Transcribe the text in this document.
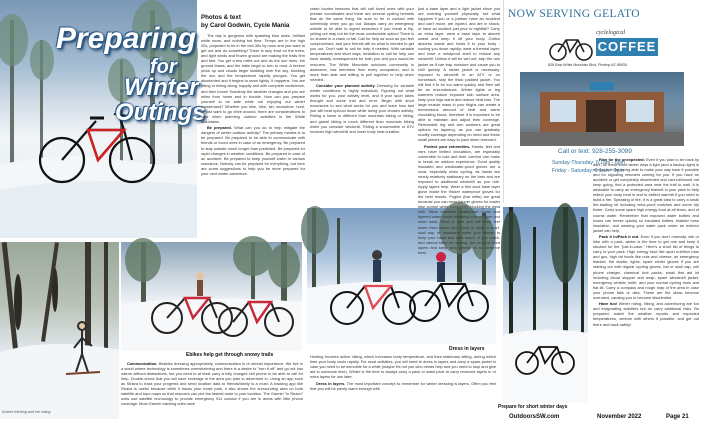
Preparing
for
Winter
Outings
Kristen Kitching and her skiing
Ebikes help get through snowy trails
Dress in layers
Prepare for short winter days
Photos & text
by Carol Godwin, Cycle Mania

The day is gorgeous with sparkling blue skies, brilliant white snow, and nothing but time. Temps are in the high 20s, projected to be in the mid-30s by noon and you want to get out and do something! There is lacy frost on the trees, and light winds and frozen ground are making the trails firm and fast. You get a few miles out and as the sun rises, the ground thaws, and the trails begin to turn to mud. A breeze picks up and clouds begin skidding over the sky, blocking the sun and the temperature rapidly plunges. You get disoriented and it begins to snow lightly. It happens. You are riding or hiking along, happily and with complete confidence, and then boom! Suddenly the weather changes and you are miles from home and in trouble. How can you prepare yourself to be safe while out enjoying our winter wonderland? Whether you bike, hike, ski, snowshoe, hunt, or just want to go drive around, there are considerations to take when planning outdoor activities in the White Mountains.

Be prepared. What can you do to help mitigate the dangers of winter outdoor activity? The primary mantra is to be prepared. Be prepared to be able to communicate with friends or loved ones in case of an emergency. Be prepared to stay outside much longer than predicted. Be prepared for rapid changes in weather conditions. Be prepared in case of an accident. Be prepared to keep yourself warm in various scenarios. Nobody can be prepared for everything, but here are some suggestions to help you be more prepared for your next winter adventure.

Communication. Besides dressing appropriately, communication is of utmost importance. We live in a world where technology is sometimes overwhelming and there is a desire to "turn it off" and go out into nature without distractions, but you need to at least carry a fully charged cell phone to be able to call for help. Double-check that you will have coverage in the area you plan to adventure in. Using an app such as Strava to track your progress and send location data to friends/family is a must. A tracking app like Strava is useful because while it tracks your exact path, it also shows the surrounding area on both satellite and topo maps so that rescuers can plot the fastest route to your location. The Garmin "In Reach" units use satellite technology to provide emergency 911 contact if you are in areas with little phone coverage. Most Garmin tracking units have

crash locator beacons that will call loved ones with your precise coordinates and there are several cycling helmets that do the same thing. Be sure to be in contact with somebody when you go out. Always carry an emergency whistle to be able to signal searchers if you break a flip, yelling out may not be the most comfortable option! There is no shame in a crash or fall. Call for help as soon as you feel compromised, and your friends will do what is needed to get you out. Don't wait to call for help if needed. With variable temperatures and short days, hesitation to call for help can have deadly consequences for both you and your would-be rescuers. The White Mountain outdoors community is awesome, has members from every occupation, and is more than able and willing to pull together to help when needed.

Consider your planned activity. Dressing for variable winter conditions is highly individual. Figuring out what works for you, your activity level, and if your sport takes thought and some trial and error. Begin with short excursions to see what works for you and learn how fast you will heat up/cool down while doing your chosen activity. Riding a horse is different than mountain biking or hiking, and gravel biking is much different than mountain biking when you consider windchill. Riding a snowmobile or ATV involves high windchill and lower body heat creation.

Hunting involves active hiking, which increases body temperature, and then stationary sitting, during which time your body cools rapidly. For most activities, you will need to dress in layers and carry a spare jacket in case you need to be immobile for a while (maybe it's not you who needs help and you need to stop and give aid to someone else). Winter is the time to always carry a pack or waist pack to carry removed layers in or extra layers for use later.

Dress in layers. The most important concept to remember for winter dressing is layers. Often you feel that you will be plenty warm enough with

just a base layer and a light jacket since you are exerting yourself physically, but what happens if you or a partner have an accident and can't move, are injured, and are in shock, or have an incident just prior to nightfall? Carry an extra layer, wear a base layer to absorb sweat and keep it off your body. Cotton absorbs sweat and holds it to your body - cooling you down rapidly; wear a thermal layer; and have a windproof shell to reduce any windchill. Unless it will be wet out, skip the rain jacket as it can trap moisture and cause you to chill quickly. A winter jacket is necessary, exposed to windchill in an ATV or on horseback, skip the thick padded jacket. You will find it to be too warm quickly and then will be an encumbrance. Winter tights or leg warmers reduce exposed skin surface area, keep your legs warm and reduce heat loss. The large muscle mass in your thighs can create a tremendous amount of heat and warm circulating blood, therefore it is important to be able to maintain and adjust their coverage. Removable leg and arm warmers are great options for layering, as you can gradually modify coverage depending on need and these small pieces are easy to pack when removed.

Protect your extremities. Hands, feet and ears have limited circulation, are especially vulnerable to cold and their comfort can make or break an outdoor experience. Good quality insulated and wind/water-proof gloves are a must, especially when cycling, as hands are nearly relatively stationary on the bars and are exposed to additional windchill as you ride. Apply layers help. Wear a thin wool base layer glove inside the thicker waterproof gloves for the best results. Pogies (bar mitts) are great because you can wear thinner gloves for easier bike control while completely blocking the wind chill. Wear insulated, waterproof boots and layered warm socks including a base layer and outer sock. Wool is best and will keep feet warm even when wet. Carry or wear a scarf, skull cap, or headband under your helmet to keep your head and ears warm. If you crash, and cannot keep on moving, put on your extra layers and keep your helmet on to conserve heat.

NOW SERVING GELATO
cyclelogical
COFFEE
826 East White Mountain Blvd, Pinetop AZ 85935
Call or text: 928-255-3099
Sunday-Thursday: 6:1am - 6pm
Friday - Saturday: 6:1am - 9pm

Plan for the unexpected: Even if you plan to be back by dark, on these short winter days a light (and a backup light) is a must both for being able to make your way back if possible and for signaling rescuers coming for you. If you have an accident or get completely disoriented and cannot/should not keep going, find a protected area near the trail to wait. It is advisable to carry an emergency blanket in your pack to help reflect your body heat in and to deflect warmth if you need to build a fire. Speaking of fire, it is a great idea to carry a small fire-starting kit including wind-proof matches and some dry tinder. Carry some spare high energy food at all times, and of course water. Remember that exposed water bottles and hoses can freeze quickly so insulated bottles, bladder hose insulation, and wearing your water pack under an exterior jacket can help.

Pack it in/Pack it out. Even if you don't normally ride or hike with a pack, winter is the time to get one and keep it stocked for the "just-in-case." Here's a short list of things to carry in your pack. High energy food like sport nutrition bars and gus, high fat foods like nuts and cheese, an emergency blanket, fire starter, lights, spare winter gloves if you are starting out with regular cycling gloves, hat or skull cap, cell phone charger, chemical foot packs, small first aid kit including blood stopper and wrap, spare windshell jacket, emergency whistle, knife, and your normal cycling tools and flat kit. Carry a compass and rough map of the area in case your phone fails or dies. These are the ideas become overused, causing you to become disoriented.

Have fun! Winter riding, hiking, and adventuring are fun and invigorating activities but do carry additional risks. Be prepared, watch the weather reports and expected temperatures, venture with others if possible, and get out there and back safely!

OutdoorsSW.com	November 2022	Page 21
